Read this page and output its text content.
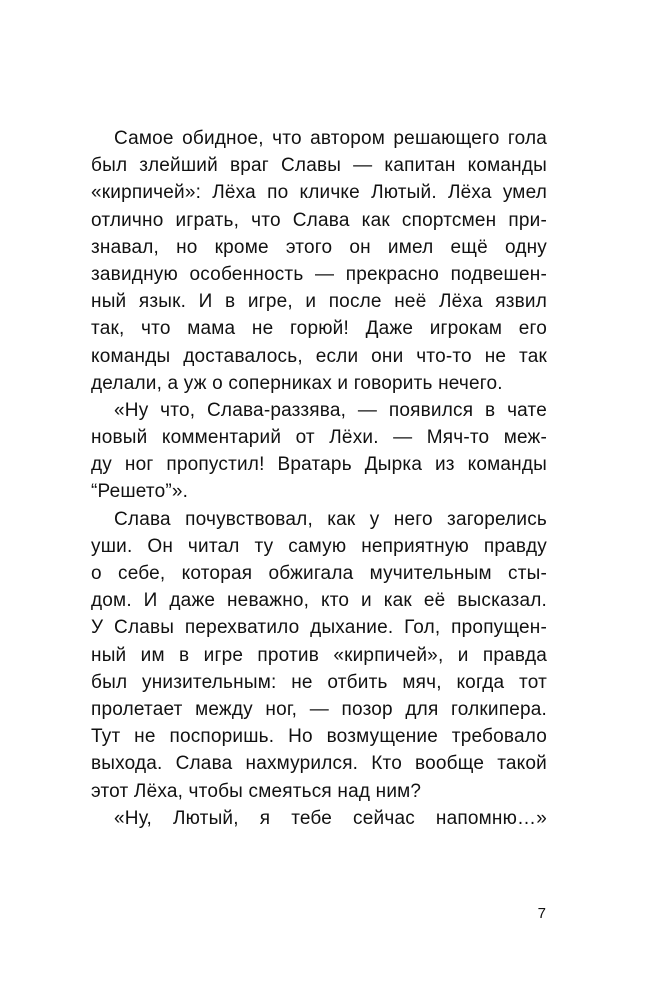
Самое обидное, что автором решающего гола
был злейший враг Славы — капитан команды
«кирпичей»: Лёха по кличке Лютый. Лёха умел
отлично играть, что Слава как спортсмен при-
знавал, но кроме этого он имел ещё одну
завидную особенность — прекрасно подвешен-
ный язык. И в игре, и после неё Лёха язвил
так, что мама не горюй! Даже игрокам его
команды доставалось, если они что-то не так
делали, а уж о соперниках и говорить нечего.
«Ну что, Слава-раззява, — появился в чате
новый комментарий от Лёхи. — Мяч-то меж-
ду ног пропустил! Вратарь Дырка из команды
“Решето”».
Слава почувствовал, как у него загорелись
уши. Он читал ту самую неприятную правду
о себе, которая обжигала мучительным сты-
дом. И даже неважно, кто и как её высказал.
У Славы перехватило дыхание. Гол, пропущен-
ный им в игре против «кирпичей», и правда
был унизительным: не отбить мяч, когда тот
пролетает между ног, — позор для голкипера.
Тут не поспоришь. Но возмущение требовало
выхода. Слава нахмурился. Кто вообще такой
этот Лёха, чтобы смеяться над ним?
«Ну, Лютый, я тебе сейчас напомню…»
7
